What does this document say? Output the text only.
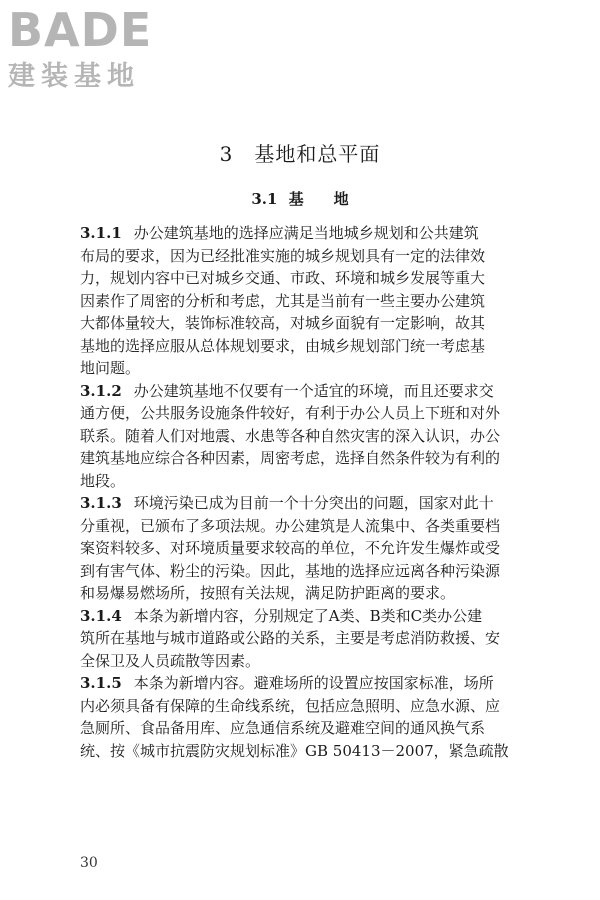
BADE
建装基地
3　基地和总平面
3.1 基　　地
3.1.1 办公建筑基地的选择应满足当地城乡规划和公共建筑
布局的要求，因为已经批准实施的城乡规划具有一定的法律效
力，规划内容中已对城乡交通、市政、环境和城乡发展等重大
因素作了周密的分析和考虑，尤其是当前有一些主要办公建筑
大都体量较大，装饰标准较高，对城乡面貌有一定影响，故其
基地的选择应服从总体规划要求，由城乡规划部门统一考虑基
地问题。
3.1.2 办公建筑基地不仅要有一个适宜的环境，而且还要求交
通方便，公共服务设施条件较好，有利于办公人员上下班和对外
联系。随着人们对地震、水患等各种自然灾害的深入认识，办公
建筑基地应综合各种因素，周密考虑，选择自然条件较为有利的
地段。
3.1.3 环境污染已成为目前一个十分突出的问题，国家对此十
分重视，已颁布了多项法规。办公建筑是人流集中、各类重要档
案资料较多、对环境质量要求较高的单位，不允许发生爆炸或受
到有害气体、粉尘的污染。因此，基地的选择应远离各种污染源
和易爆易燃场所，按照有关法规，满足防护距离的要求。
3.1.4 本条为新增内容，分别规定了A类、B类和C类办公建
筑所在基地与城市道路或公路的关系，主要是考虑消防救援、安
全保卫及人员疏散等因素。
3.1.5 本条为新增内容。避难场所的设置应按国家标准，场所
内必须具备有保障的生命线系统，包括应急照明、应急水源、应
急厕所、食品备用库、应急通信系统及避难空间的通风换气系
统、按《城市抗震防灾规划标准》GB 50413－2007，紧急疏散
30
